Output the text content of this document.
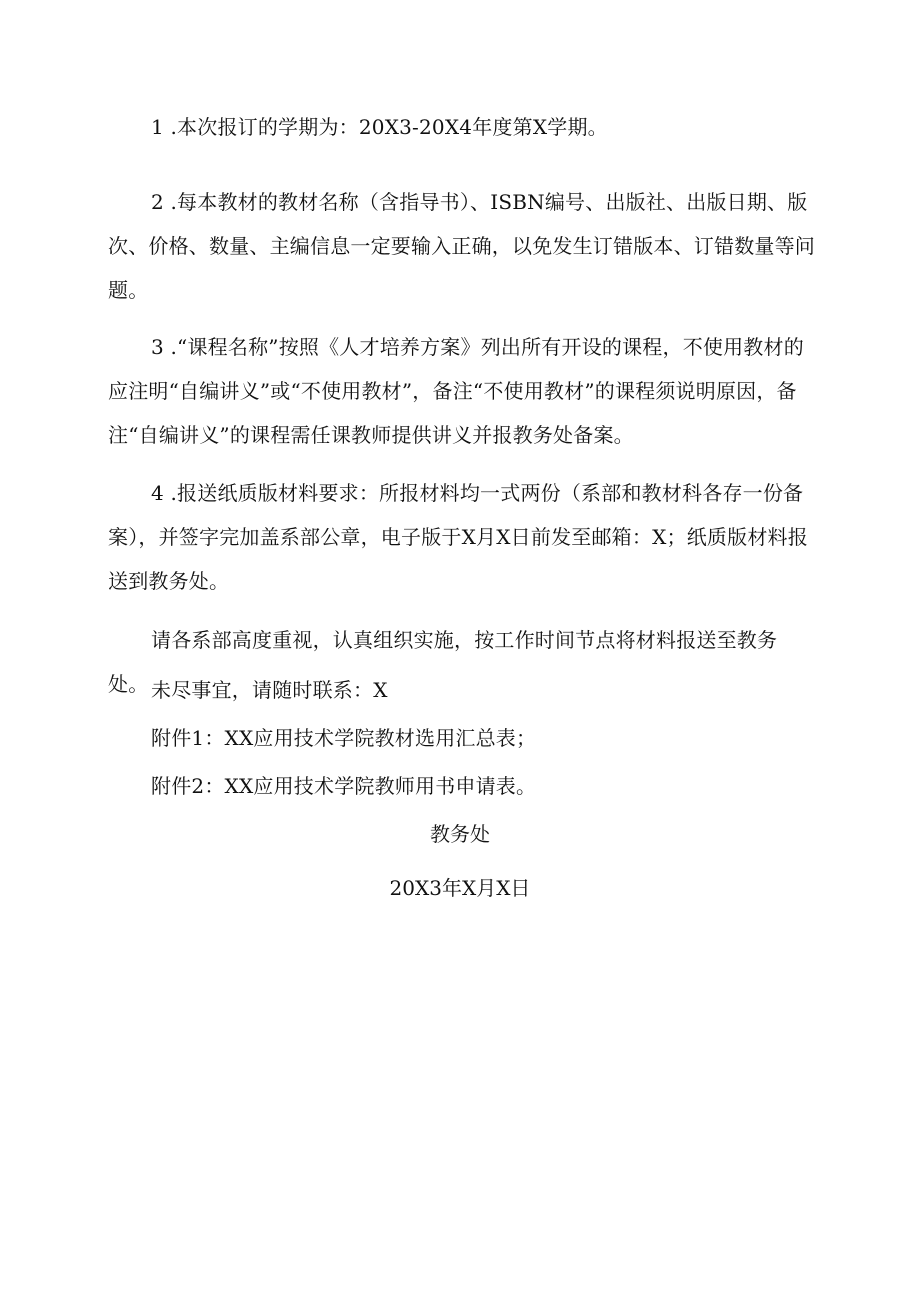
1 .本次报订的学期为：20X3-20X4年度第X学期。

2 .每本教材的教材名称（含指导书）、ISBN编号、出版社、出版日期、版次、价格、数量、主编信息一定要输入正确，以免发生订错版本、订错数量等问题。

3 .“课程名称”按照《人才培养方案》列出所有开设的课程，不使用教材的应注明“自编讲义”或“不使用教材”，备注“不使用教材”的课程须说明原因，备注“自编讲义”的课程需任课教师提供讲义并报教务处备案。

4 .报送纸质版材料要求：所报材料均一式两份（系部和教材科各存一份备案），并签字完加盖系部公章，电子版于X月X日前发至邮箱：X；纸质版材料报送到教务处。

请各系部高度重视，认真组织实施，按工作时间节点将材料报送至教务处。 未尽事宜，请随时联系：X

附件1：XX应用技术学院教材选用汇总表；

附件2：XX应用技术学院教师用书申请表。

教务处

20X3年X月X日
